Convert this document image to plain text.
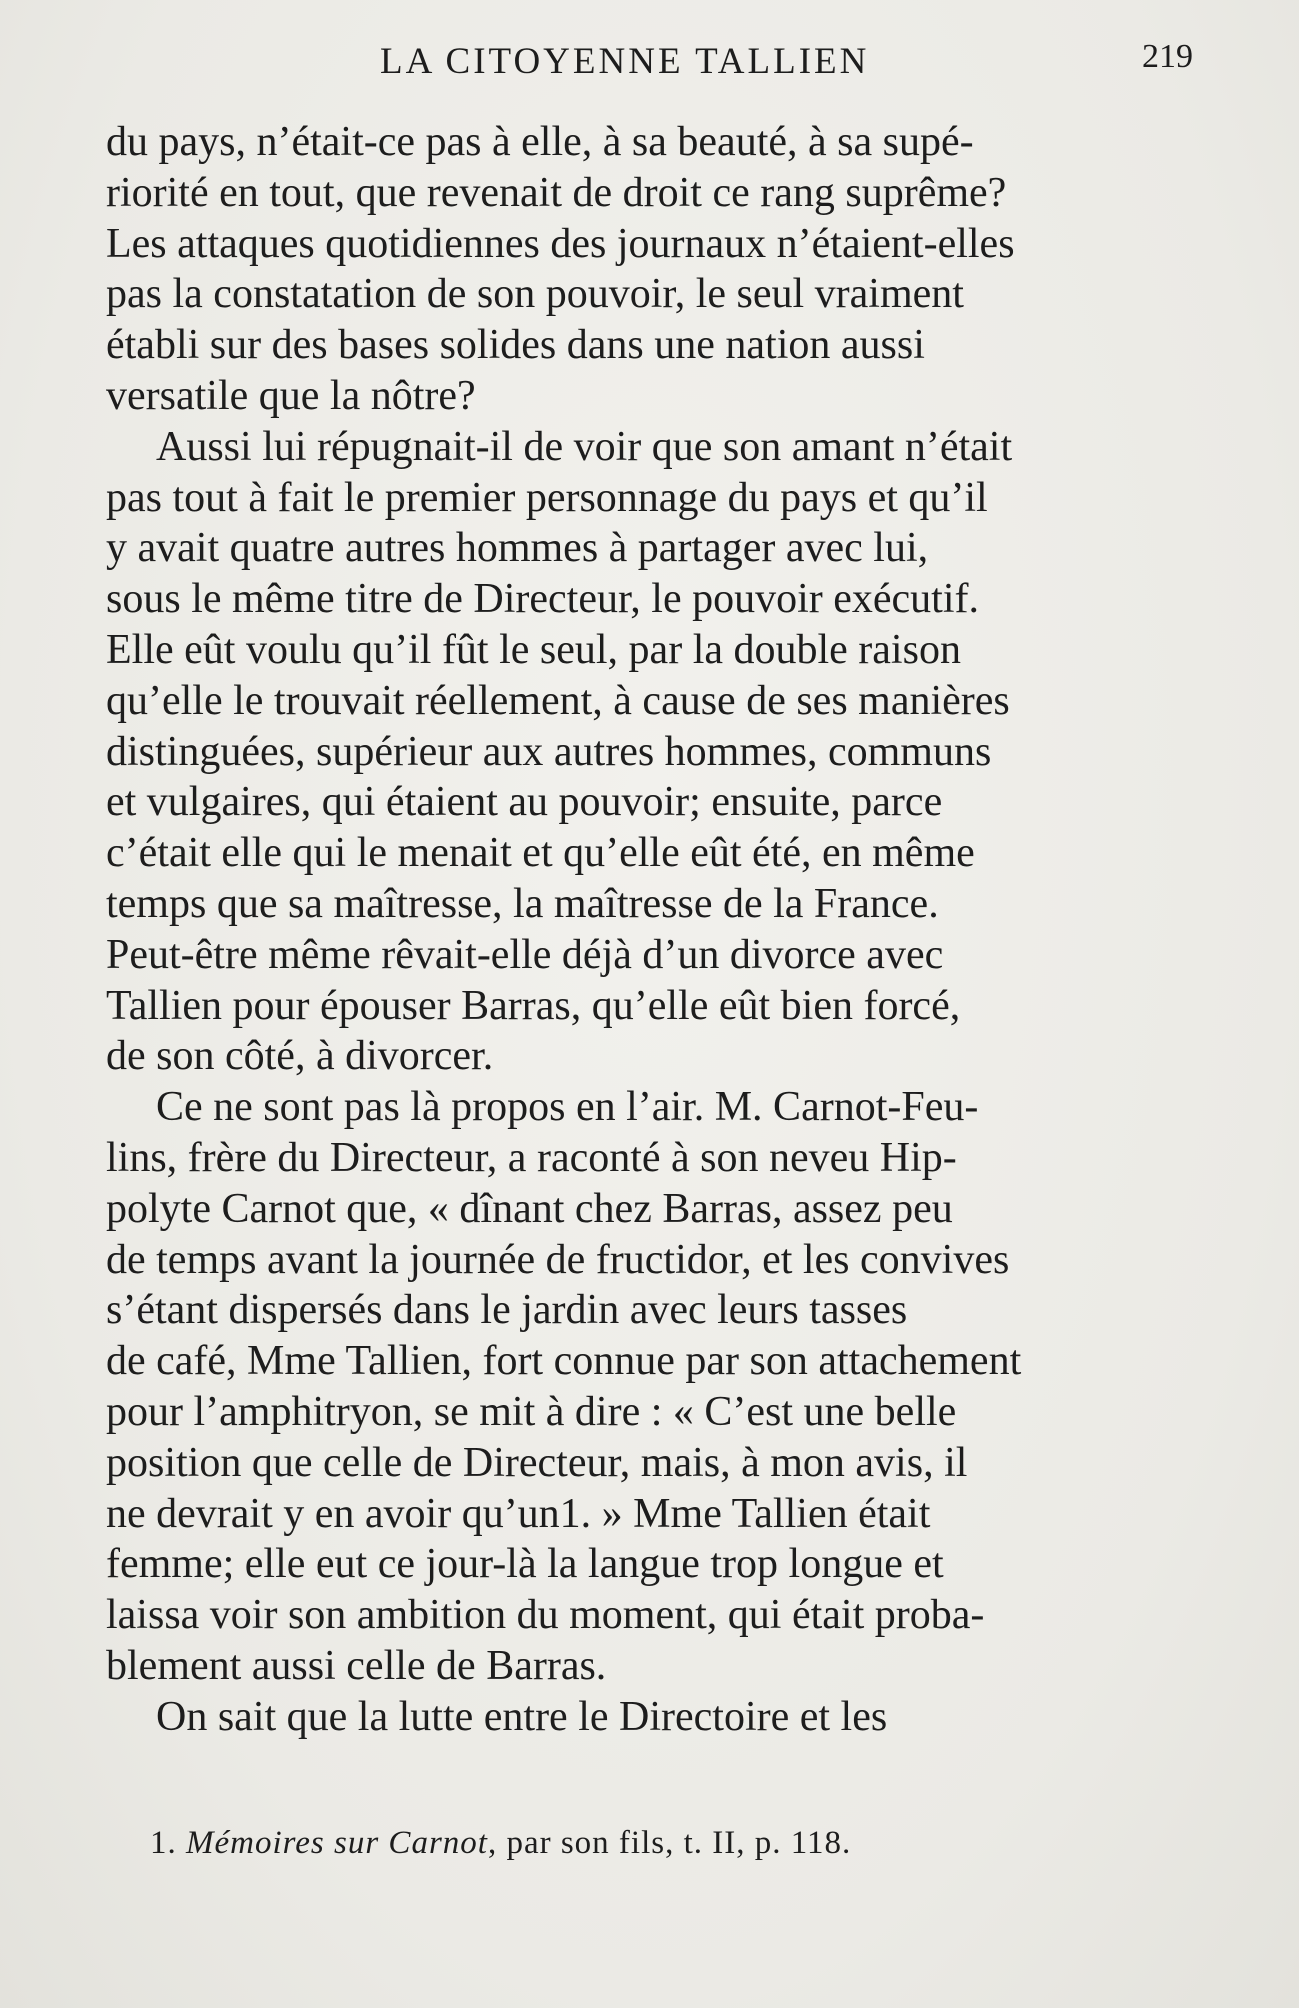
LA CITOYENNE TALLIEN	219
du pays, n’était-ce pas à elle, à sa beauté, à sa supé-
riorité en tout, que revenait de droit ce rang suprême?
Les attaques quotidiennes des journaux n’étaient-elles
pas la constatation de son pouvoir, le seul vraiment
établi sur des bases solides dans une nation aussi
versatile que la nôtre?
Aussi lui répugnait-il de voir que son amant n’était
pas tout à fait le premier personnage du pays et qu’il
y avait quatre autres hommes à partager avec lui,
sous le même titre de Directeur, le pouvoir exécutif.
Elle eût voulu qu’il fût le seul, par la double raison
qu’elle le trouvait réellement, à cause de ses manières
distinguées, supérieur aux autres hommes, communs
et vulgaires, qui étaient au pouvoir; ensuite, parce
c’était elle qui le menait et qu’elle eût été, en même
temps que sa maîtresse, la maîtresse de la France.
Peut-être même rêvait-elle déjà d’un divorce avec
Tallien pour épouser Barras, qu’elle eût bien forcé,
de son côté, à divorcer.
Ce ne sont pas là propos en l’air. M. Carnot-Feu-
lins, frère du Directeur, a raconté à son neveu Hip-
polyte Carnot que, « dînant chez Barras, assez peu
de temps avant la journée de fructidor, et les convives
s’étant dispersés dans le jardin avec leurs tasses
de café, Mme Tallien, fort connue par son attachement
pour l’amphitryon, se mit à dire : « C’est une belle
position que celle de Directeur, mais, à mon avis, il
ne devrait y en avoir qu’un1. » Mme Tallien était
femme; elle eut ce jour-là la langue trop longue et
laissa voir son ambition du moment, qui était proba-
blement aussi celle de Barras.
On sait que la lutte entre le Directoire et les
1. Mémoires sur Carnot, par son fils, t. II, p. 118.
